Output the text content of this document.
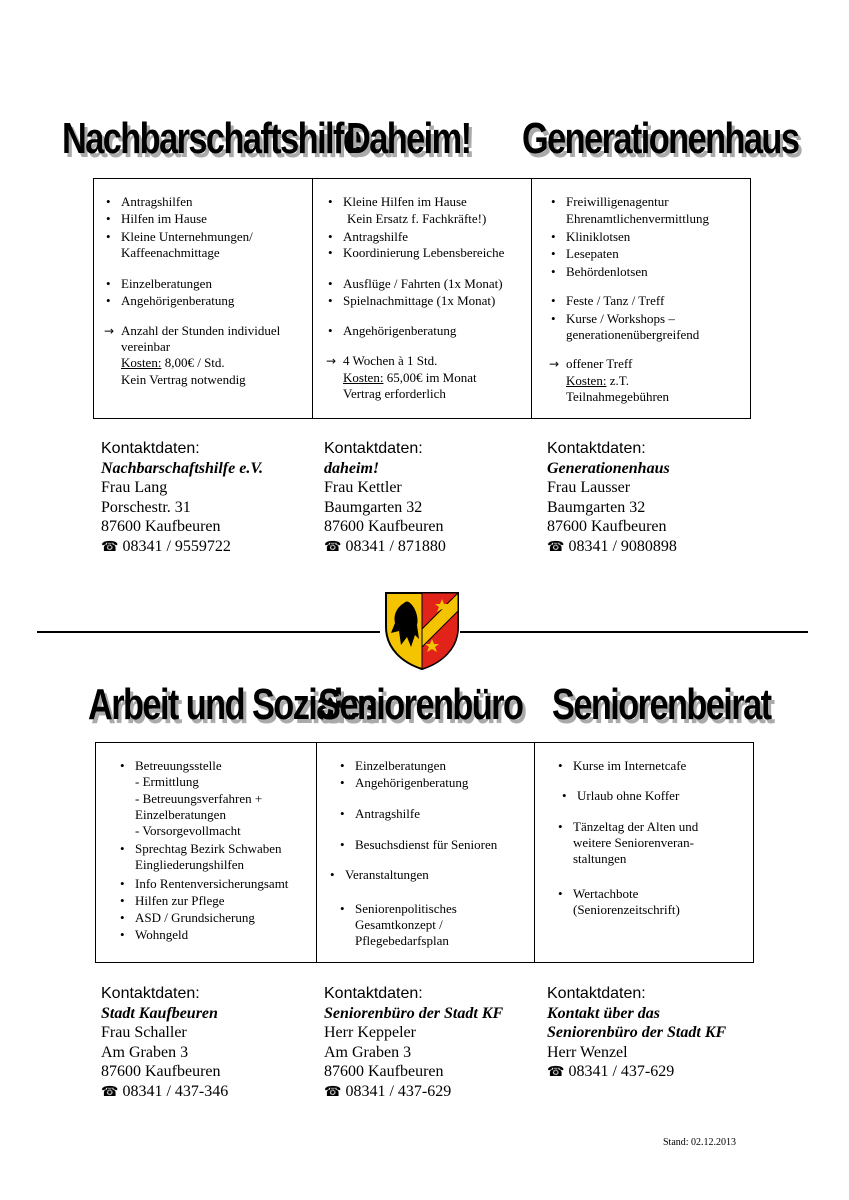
Nachbarschaftshilfe
Daheim! Generationenhaus
• Antragshilfen
• Hilfen im Hause
• Kleine Unternehmungen/
Kaffeenachmittage
• Einzelberatungen
• Angehörigenberatung
→ Anzahl der Stunden individuel
vereinbar
Kosten: 8,00€ / Std.
Kein Vertrag notwendig
• Kleine Hilfen im Hause
Kein Ersatz f. Fachkräfte!)
• Antragshilfe
• Koordinierung Lebensbereiche
• Ausflüge / Fahrten (1x Monat)
• Spielnachmittage (1x Monat)
• Angehörigenberatung
→ 4 Wochen à 1 Std.
Kosten: 65,00€ im Monat
Vertrag erforderlich
• Freiwilligenagentur
Ehrenamtlichenvermittlung
• Kliniklotsen
• Lesepaten
• Behördenlotsen
• Feste / Tanz / Treff
• Kurse / Workshops –
generationenübergreifend
→ offener Treff
Kosten: z.T.
Teilnahmegebühren
Kontaktdaten:
Nachbarschaftshilfe e.V.
Frau Lang
Porschestr. 31
87600 Kaufbeuren
☎ 08341 / 9559722
Kontaktdaten:
daheim!
Frau Kettler
Baumgarten 32
87600 Kaufbeuren
☎ 08341 / 871880
Kontaktdaten:
Generationenhaus
Frau Lausser
Baumgarten 32
87600 Kaufbeuren
☎ 08341 / 9080898
Arbeit und Soziales
Seniorenbüro Seniorenbeirat
• Betreuungsstelle
- Ermittlung
- Betreuungsverfahren +
Einzelberatungen
- Vorsorgevollmacht
• Sprechtag Bezirk Schwaben
Eingliederungshilfen
• Info Rentenversicherungsamt
• Hilfen zur Pflege
• ASD / Grundsicherung
• Wohngeld
• Einzelberatungen
• Angehörigenberatung
• Antragshilfe
• Besuchsdienst für Senioren
• Veranstaltungen
• Seniorenpolitisches
Gesamtkonzept /
Pflegebedarfsplan
• Kurse im Internetcafe
• Urlaub ohne Koffer
• Tänzeltag der Alten und
weitere Seniorenveran-
staltungen
• Wertachbote
(Seniorenzeitschrift)
Kontaktdaten:
Stadt Kaufbeuren
Frau Schaller
Am Graben 3
87600 Kaufbeuren
☎ 08341 / 437-346
Kontaktdaten:
Seniorenbüro der Stadt KF
Herr Keppeler
Am Graben 3
87600 Kaufbeuren
☎ 08341 / 437-629
Kontaktdaten:
Kontakt über das
Seniorenbüro der Stadt KF
Herr Wenzel
☎ 08341 / 437-629
Stand: 02.12.2013
